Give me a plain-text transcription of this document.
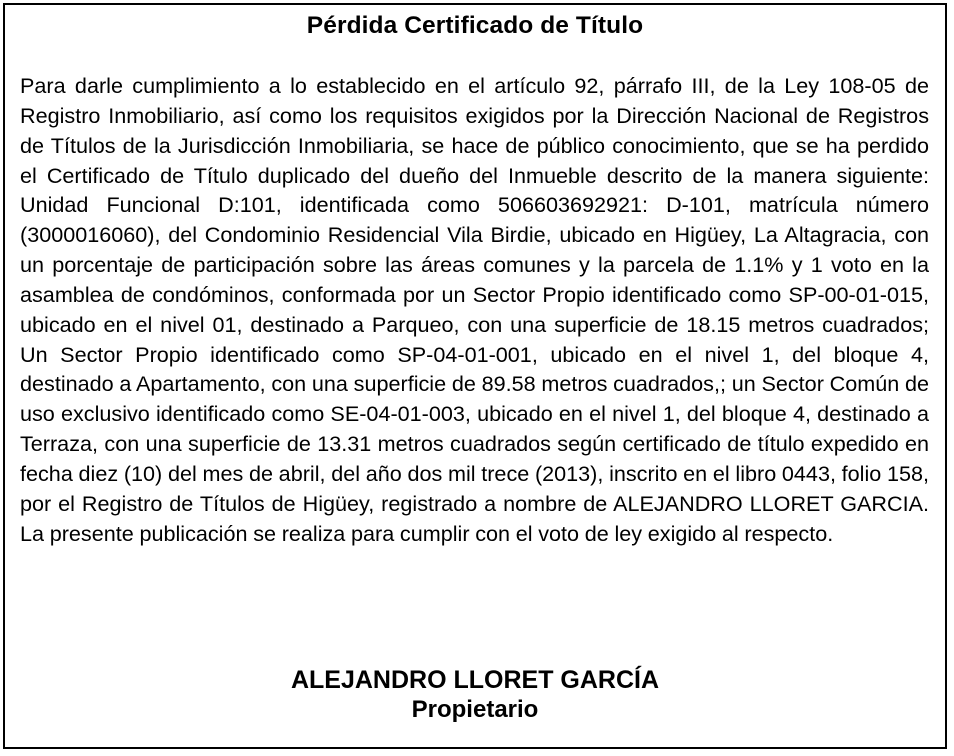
Pérdida Certificado de Título

Para darle cumplimiento a lo establecido en el artículo 92, párrafo III, de la Ley 108-05 de Registro Inmobiliario, así como los requisitos exigidos por la Dirección Nacional de Registros de Títulos de la Jurisdicción Inmobiliaria, se hace de público conocimiento, que se ha perdido el Certificado de Título duplicado del dueño del Inmueble descrito de la manera siguiente: Unidad Funcional D:101, identificada como 506603692921: D-101, matrícula número (3000016060), del Condominio Residencial Vila Birdie, ubicado en Higüey, La Altagracia, con un porcentaje de participación sobre las áreas comunes y la parcela de 1.1% y 1 voto en la asamblea de condóminos, conformada por un Sector Propio identificado como SP-00-01-015, ubicado en el nivel 01, destinado a Parqueo, con una superficie de 18.15 metros cuadrados; Un Sector Propio identificado como SP-04-01-001, ubicado en el nivel 1, del bloque 4, destinado a Apartamento, con una superficie de 89.58 metros cuadrados,; un Sector Común de uso exclusivo identificado como SE-04-01-003, ubicado en el nivel 1, del bloque 4, destinado a Terraza, con una superficie de 13.31 metros cuadrados según certificado de título expedido en fecha diez (10) del mes de abril, del año dos mil trece (2013), inscrito en el libro 0443, folio 158, por el Registro de Títulos de Higüey, registrado a nombre de ALEJANDRO LLORET GARCIA. La presente publicación se realiza para cumplir con el voto de ley exigido al respecto.

ALEJANDRO LLORET GARCÍA
Propietario
